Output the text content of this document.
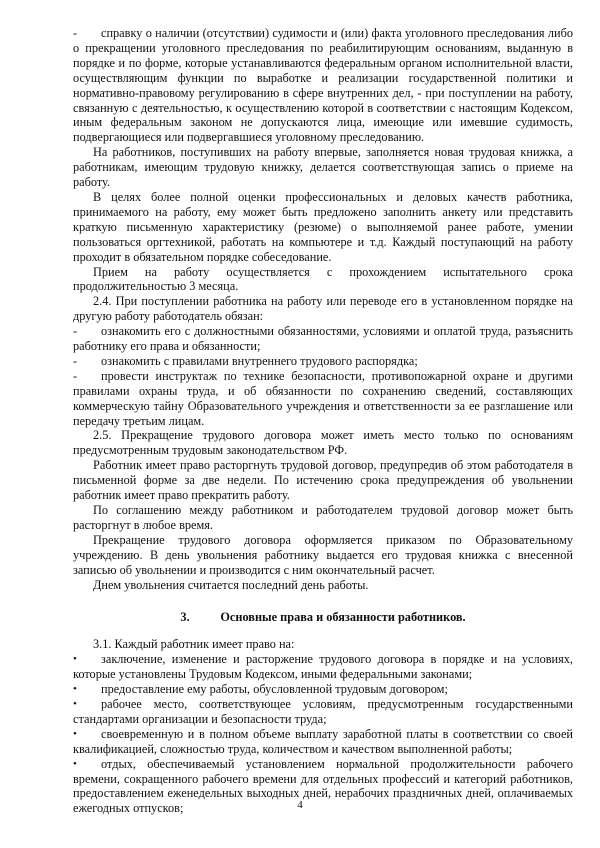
- справку о наличии (отсутствии) судимости и (или) факта уголовного преследования либо о прекращении уголовного преследования по реабилитирующим основаниям, выданную в порядке и по форме, которые устанавливаются федеральным органом исполнительной власти, осуществляющим функции по выработке и реализации государственной политики и нормативно-правовому регулированию в сфере внутренних дел, - при поступлении на работу, связанную с деятельностью, к осуществлению которой в соответствии с настоящим Кодексом, иным федеральным законом не допускаются лица, имеющие или имевшие судимость, подвергающиеся или подвергавшиеся уголовному преследованию.

На работников, поступивших на работу впервые, заполняется новая трудовая книжка, а работникам, имеющим трудовую книжку, делается соответствующая запись о приеме на работу.

В целях более полной оценки профессиональных и деловых качеств работника, принимаемого на работу, ему может быть предложено заполнить анкету или представить краткую письменную характеристику (резюме) о выполняемой ранее работе, умении пользоваться оргтехникой, работать на компьютере и т.д. Каждый поступающий на работу проходит в обязательном порядке собеседование.

Прием на работу осуществляется с прохождением испытательного срока продолжительностью 3 месяца.

2.4. При поступлении работника на работу или переводе его в установленном порядке на другую работу работодатель обязан:

- ознакомить его с должностными обязанностями, условиями и оплатой труда, разъяснить работнику его права и обязанности;
- ознакомить с правилами внутреннего трудового распорядка;
- провести инструктаж по технике безопасности, противопожарной охране и другими правилами охраны труда, и об обязанности по сохранению сведений, составляющих коммерческую тайну Образовательного учреждения и ответственности за ее разглашение или передачу третьим лицам.

2.5. Прекращение трудового договора может иметь место только по основаниям предусмотренным трудовым законодательством РФ.

Работник имеет право расторгнуть трудовой договор, предупредив об этом работодателя в письменной форме за две недели. По истечению срока предупреждения об увольнении работник имеет право прекратить работу.

По соглашению между работником и работодателем трудовой договор может быть расторгнут в любое время.

Прекращение трудового договора оформляется приказом по Образовательному учреждению. В день увольнения работнику выдается его трудовая книжка с внесенной записью об увольнении и производится с ним окончательный расчет.

Днем увольнения считается последний день работы.

3.	Основные права и обязанности работников.

3.1. Каждый работник имеет право на:

• заключение, изменение и расторжение трудового договора в порядке и на условиях, которые установлены Трудовым Кодексом, иными федеральными законами;
• предоставление ему работы, обусловленной трудовым договором;
• рабочее место, соответствующее условиям, предусмотренным государственными стандартами организации и безопасности труда;
• своевременную и в полном объеме выплату заработной платы в соответствии со своей квалификацией, сложностью труда, количеством и качеством выполненной работы;
• отдых, обеспечиваемый установлением нормальной продолжительности рабочего времени, сокращенного рабочего времени для отдельных профессий и категорий работников, предоставлением еженедельных выходных дней, нерабочих праздничных дней, оплачиваемых ежегодных отпусков;	4
